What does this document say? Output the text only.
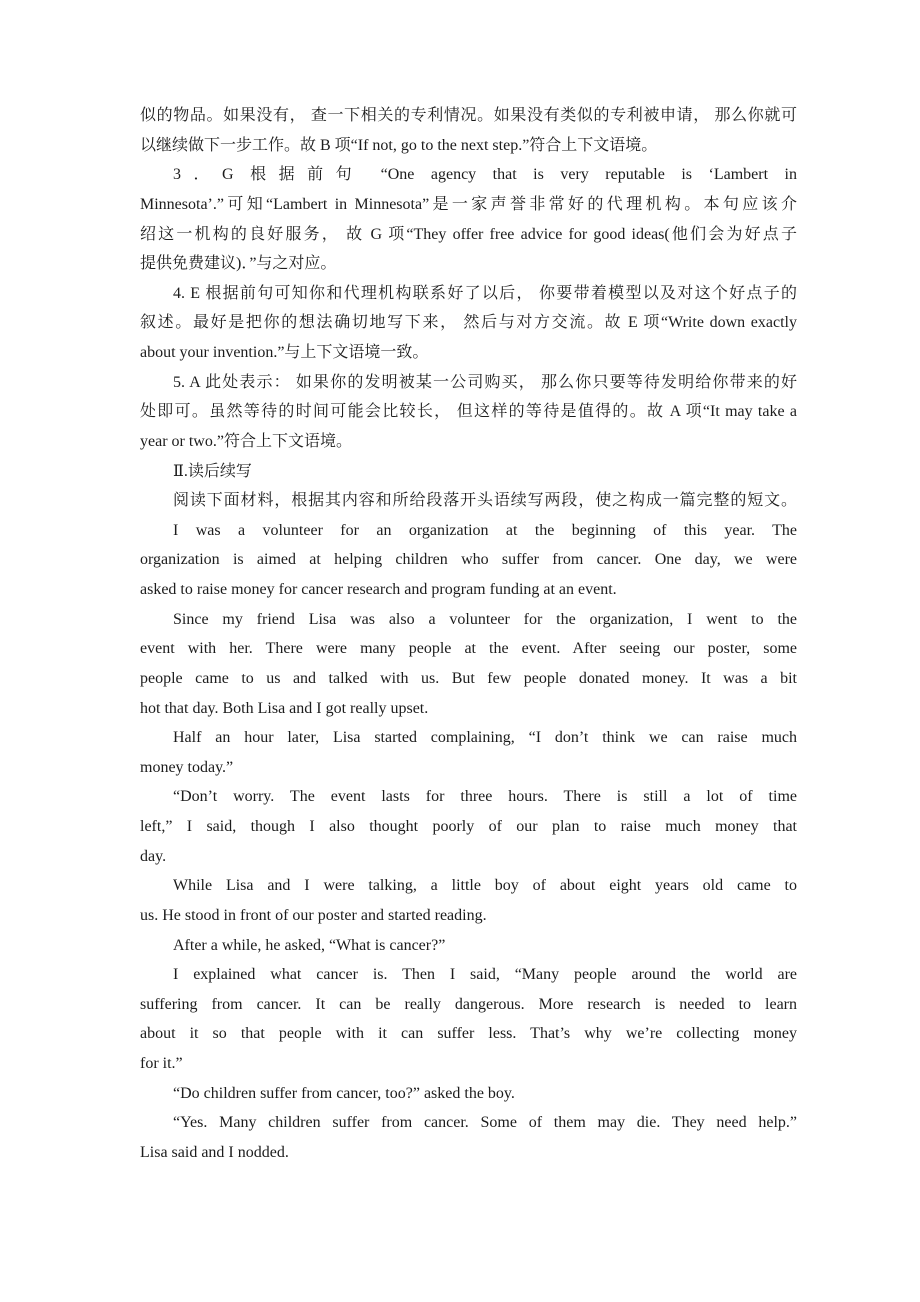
似的物品。如果没有， 查一下相关的专利情况。如果没有类似的专利被申请， 那么你就可
以继续做下一步工作。故 B 项“If not, go to the next step.”符合上下文语境。
3．G 根据前句 “One agency that is very reputable is ‘Lambert in
Minnesota’.”可知“Lambert in Minnesota”是一家声誉非常好的代理机构。本句应该介
绍这一机构的良好服务， 故 G 项“They offer free advice for good ideas(他们会为好点子
提供免费建议)．”与之对应。
4. E 根据前句可知你和代理机构联系好了以后， 你要带着模型以及对这个好点子的
叙述。最好是把你的想法确切地写下来， 然后与对方交流。故 E 项“Write down exactly
about your invention.”与上下文语境一致。
5. A 此处表示： 如果你的发明被某一公司购买， 那么你只要等待发明给你带来的好
处即可。虽然等待的时间可能会比较长， 但这样的等待是值得的。故 A 项“It may take a
year or two.”符合上下文语境。
Ⅱ.读后续写
阅读下面材料，根据其内容和所给段落开头语续写两段，使之构成一篇完整的短文。
I was a volunteer for an organization at the beginning of this year. The
organization is aimed at helping children who suffer from cancer. One day, we were
asked to raise money for cancer research and program funding at an event.
Since my friend Lisa was also a volunteer for the organization, I went to the
event with her. There were many people at the event. After seeing our poster, some
people came to us and talked with us. But few people donated money. It was a bit
hot that day. Both Lisa and I got really upset.
Half an hour later, Lisa started complaining, “I don’t think we can raise much
money today.”
“Don’t worry. The event lasts for three hours. There is still a lot of time
left,” I said, though I also thought poorly of our plan to raise much money that
day.
While Lisa and I were talking, a little boy of about eight years old came to
us. He stood in front of our poster and started reading.
After a while, he asked, “What is cancer?”
I explained what cancer is. Then I said, “Many people around the world are
suffering from cancer. It can be really dangerous. More research is needed to learn
about it so that people with it can suffer less. That’s why we’re collecting money
for it.”
“Do children suffer from cancer, too?” asked the boy.
“Yes. Many children suffer from cancer. Some of them may die. They need help.”
Lisa said and I nodded.
